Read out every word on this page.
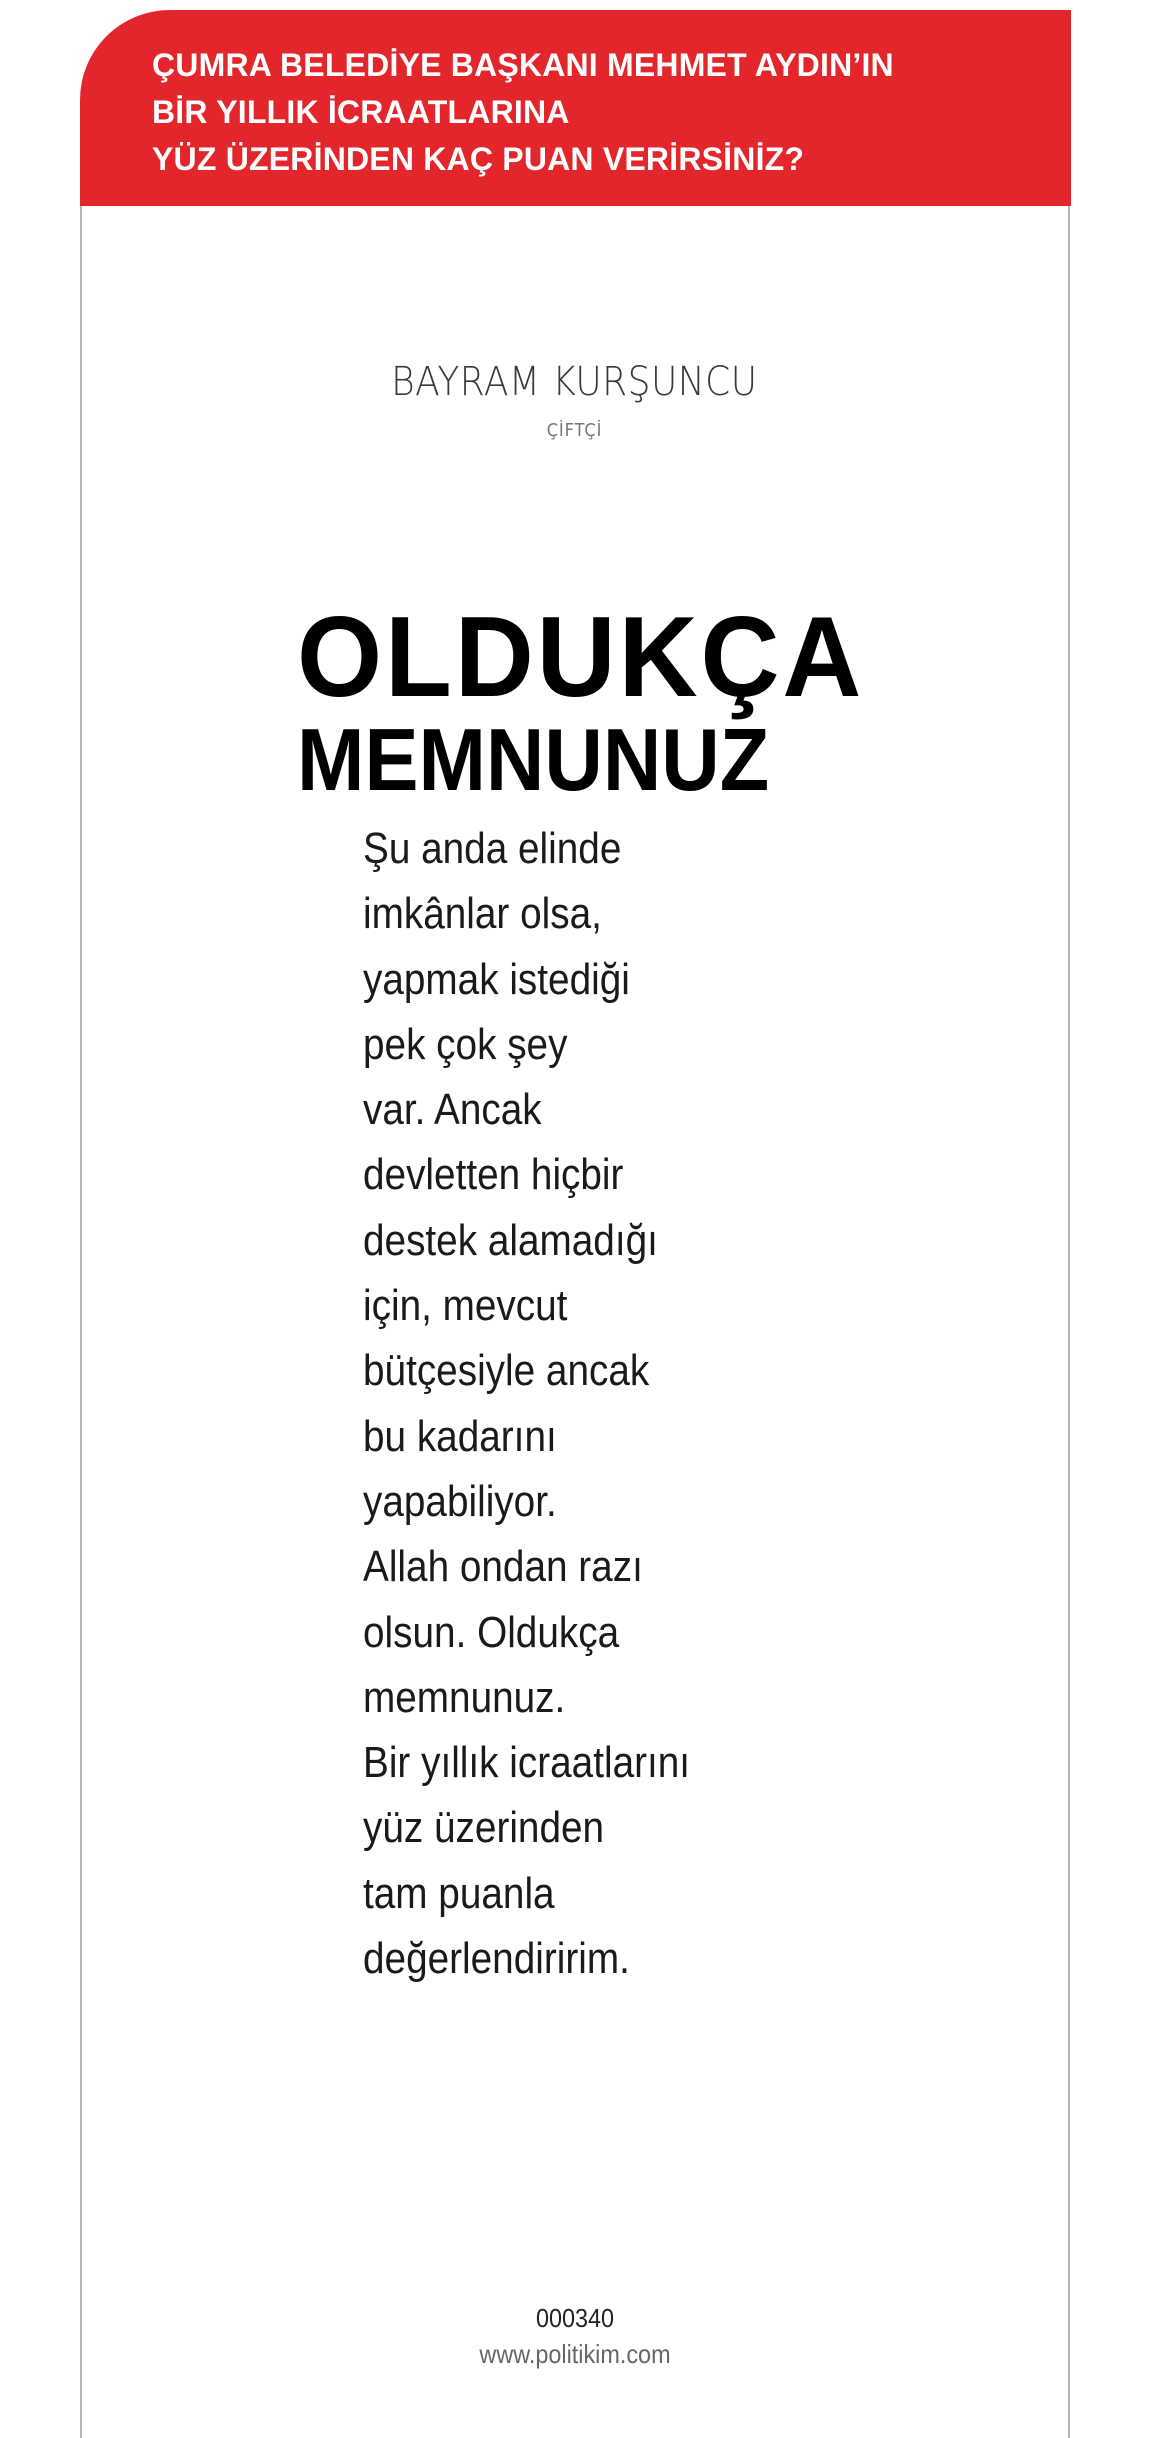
ÇUMRA BELEDİYE BAŞKANI MEHMET AYDIN’IN
BİR YILLIK İCRAATLARINA
YÜZ ÜZERİNDEN KAÇ PUAN VERİRSİNİZ?
BAYRAM KURŞUNCU
ÇİFTÇİ
OLDUKÇA
MEMNUNUZ
Şu anda elinde
imkânlar olsa,
yapmak istediği
pek çok şey
var. Ancak
devletten hiçbir
destek alamadığı
için, mevcut
bütçesiyle ancak
bu kadarını
yapabiliyor.
Allah ondan razı
olsun. Oldukça
memnunuz.
Bir yıllık icraatlarını
yüz üzerinden
tam puanla
değerlendiririm.
000340
www.politikim.com
